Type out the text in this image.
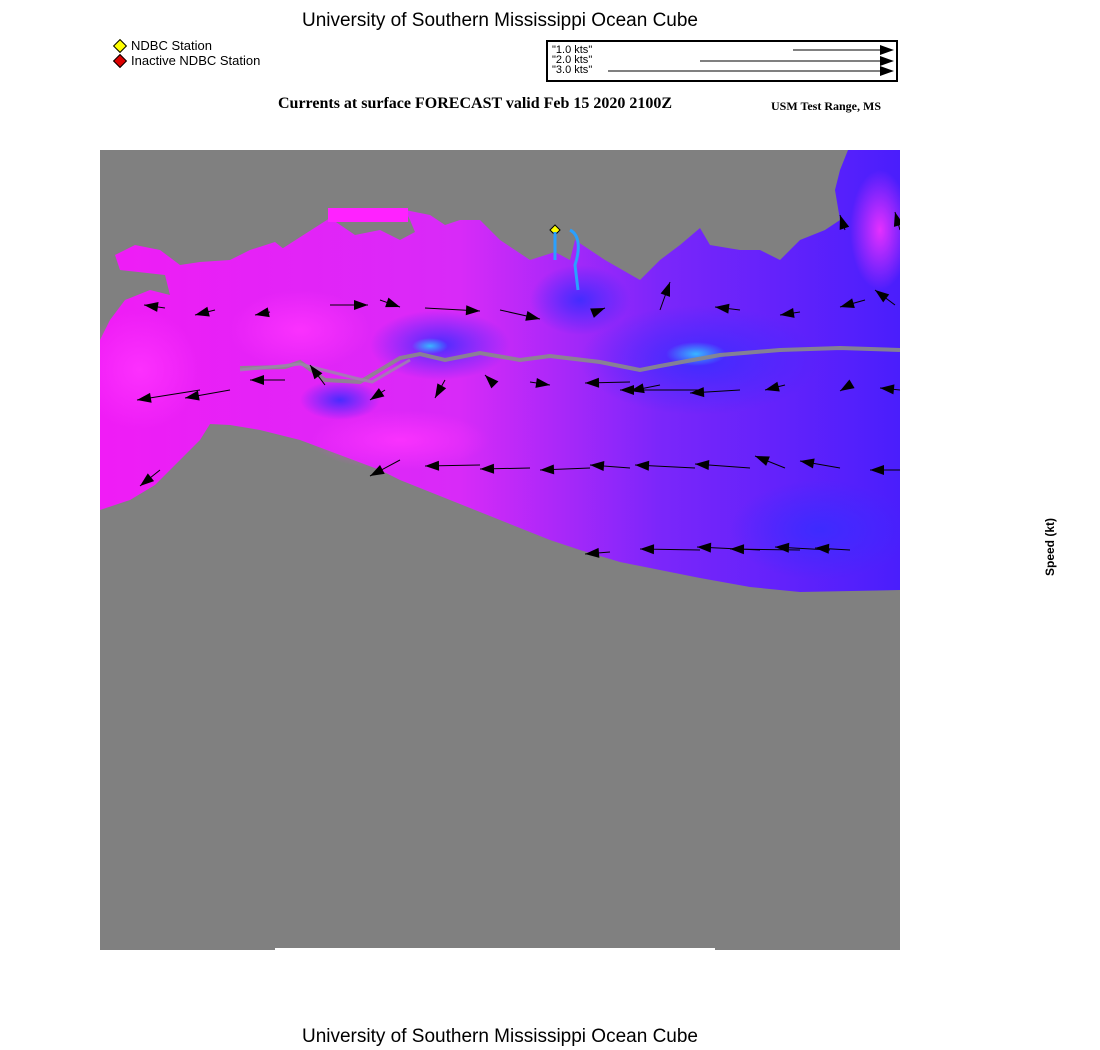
University of Southern Mississippi Ocean Cube
NDBC Station
Inactive NDBC Station
"1.0 kts"
"2.0 kts"
"3.0 kts"
Currents at surface FORECAST valid Feb 15 2020 2100Z	USM Test Range, MS
Speed (kt)
University of Southern Mississippi Ocean Cube
